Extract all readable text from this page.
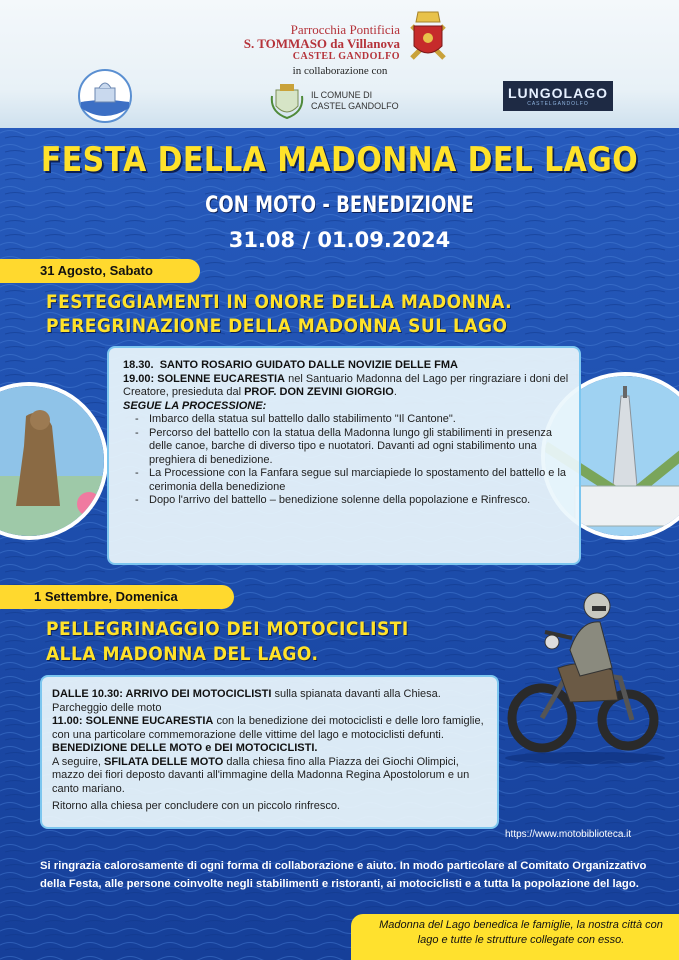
Parrocchia Pontificia
S. TOMMASO da Villanova
CASTEL GANDOLFO
in collaborazione con
IL COMUNE DI
CASTEL GANDOLFO
LUNGOLAGO
CASTELGANDOLFO
FESTA DELLA MADONNA DEL LAGO
CON MOTO - BENEDIZIONE
31.08 / 01.09.2024
31 Agosto, Sabato
FESTEGGIAMENTI IN ONORE DELLA MADONNA.
PEREGRINAZIONE DELLA MADONNA SUL LAGO

18.30. SANTO ROSARIO GUIDATO DALLE NOVIZIE DELLE FMA

19.00: SOLENNE EUCARESTIA nel Santuario Madonna del Lago per ringraziare i doni del Creatore, presieduta dal PROF. DON ZEVINI GIORGIO.

SEGUE LA PROCESSIONE:

- Imbarco della statua sul battello dallo stabilimento "Il Cantone".
- Percorso del battello con la statua della Madonna lungo gli stabilimenti in presenza delle canoe, barche di diverso tipo e nuotatori. Davanti ad ogni stabilimento una preghiera di benedizione.
- La Processione con la Fanfara segue sul marciapiede lo spostamento del battello e la cerimonia della benedizione
- Dopo l'arrivo del battello – benedizione solenne della popolazione e Rinfresco.
1 Settembre, Domenica
PELLEGRINAGGIO DEI MOTOCICLISTI
ALLA MADONNA DEL LAGO.

DALLE 10.30: ARRIVO DEI MOTOCICLISTI sulla spianata davanti alla Chiesa. Parcheggio delle moto

11.00: SOLENNE EUCARESTIA con la benedizione dei motociclisti e delle loro famiglie, con una particolare commemorazione delle vittime del lago e motociclisti defunti. BENEDIZIONE DELLE MOTO e DEI MOTOCICLISTI.

A seguire, SFILATA DELLE MOTO dalla chiesa fino alla Piazza dei Giochi Olimpici, mazzo dei fiori deposto davanti all'immagine della Madonna Regina Apostolorum e un canto mariano.

Ritorno alla chiesa per concludere con un piccolo rinfresco.

https://www.motobiblioteca.it
Si ringrazia calorosamente di ogni forma di collaborazione e aiuto. In modo particolare al Comitato Organizzativo della Festa, alle persone coinvolte negli stabilimenti e ristoranti, ai motociclisti e a tutta la popolazione del lago.
Madonna del Lago benedica le famiglie, la nostra città con lago e tutte le strutture collegate con esso.
